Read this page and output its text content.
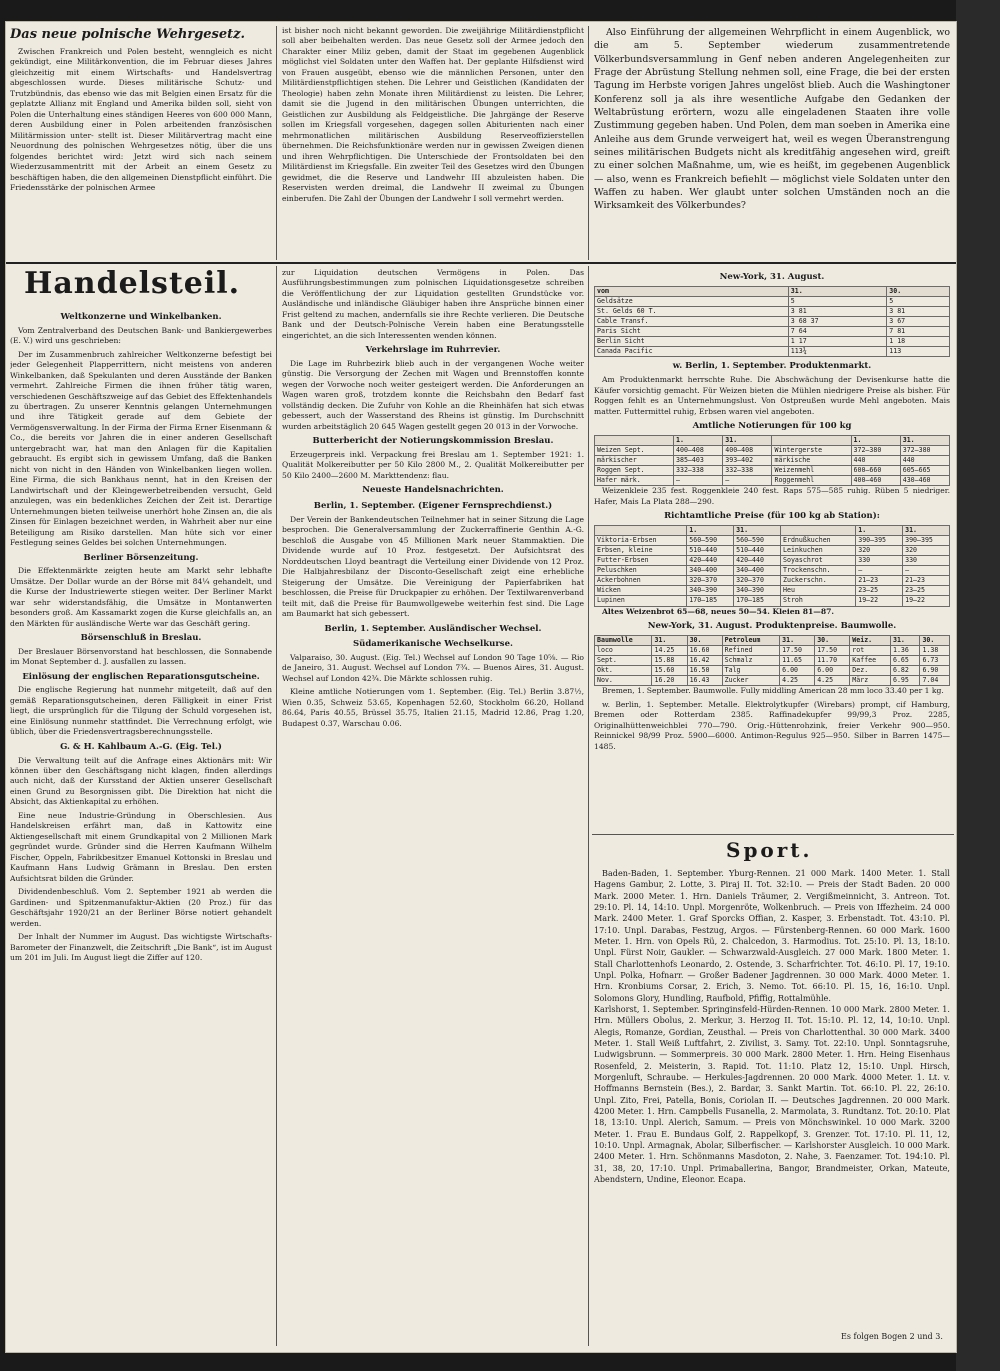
Das neue polnische Wehrgesetz.

Zwischen Frankreich und Polen besteht, wenngleich es nicht gekündigt, eine Militärkonvention, die im Februar dieses Jahres gleichzeitig mit einem Wirtschafts- und Handelsvertrag abgeschlossen wurde. Dieses militärische Schutz- und Trutzbündnis, das ebenso wie das mit Belgien einen Ersatz für die geplatzte Allianz mit England und Amerika bilden soll, sieht von Polen die Unterhaltung eines ständigen Heeres von 600 000 Mann, deren Ausbildung einer in Polen arbeitenden französischen Militärmission unter- stellt ist. Dieser Militärvertrag macht eine Neuordnung des polnischen Wehrgesetzes nötig, über die uns folgendes berichtet wird: Jetzt wird sich nach seinem Wiederzusammentritt mit der Arbeit an einem Gesetz zu beschäftigen haben, die den allgemeinen Dienstpflicht einführt. Die Friedensstärke der polnischen Armee

ist bisher noch nicht bekannt geworden. Die zweijährige Militärdienstpflicht soll aber beibehalten werden. Das neue Gesetz soll der Armee jedoch den Charakter einer Miliz geben, damit der Staat im gegebenen Augenblick möglichst viel Soldaten unter den Waffen hat. Der geplante Hilfsdienst wird von Frauen ausgeübt, ebenso wie die männlichen Personen, unter den Militärdienstpflichtigen stehen. Die Lehrer und Geistlichen (Kandidaten der Theologie) haben zehn Monate ihren Militärdienst zu leisten. Die Lehrer, damit sie die Jugend in den militärischen Übungen unterrichten, die Geistlichen zur Ausbildung als Feldgeistliche. Die Jahrgänge der Reserve sollen im Kriegsfall vorgesehen, dagegen sollen Abiturienten nach einer mehrmonatlichen militärischen Ausbildung Reserveoffizierstellen übernehmen. Die Reichsfunktionäre werden nur in gewissen Zweigen dienen und ihren Wehrpflichtigen. Die Unterschiede der Frontsoldaten bei den Militärdienst im Kriegsfalle. Ein zweiter Teil des Gesetzes wird den Übungen gewidmet, die die Reserve und Landwehr III abzuleisten haben. Die Reservisten werden dreimal, die Landwehr II zweimal zu Übungen einberufen. Die Zahl der Übungen der Landwehr I soll vermehrt werden.

Also Einführung der allgemeinen Wehrpflicht in einem Augenblick, wo die am 5. September wiederum zusammentretende Völkerbundsversammlung in Genf neben anderen Angelegenheiten zur Frage der Abrüstung Stellung nehmen soll, eine Frage, die bei der ersten Tagung im Herbste vorigen Jahres ungelöst blieb. Auch die Washingtoner Konferenz soll ja als ihre wesentliche Aufgabe den Gedanken der Weltabrüstung erörtern, wozu alle eingeladenen Staaten ihre volle Zustimmung gegeben haben. Und Polen, dem man soeben in Amerika eine Anleihe aus dem Grunde verweigert hat, weil es wegen Überanstrengung seines militärischen Budgets nicht als kreditfähig angesehen wird, greift zu einer solchen Maßnahme, um, wie es heißt, im gegebenen Augenblick — also, wenn es Frankreich befiehlt — möglichst viele Soldaten unter den Waffen zu haben. Wer glaubt unter solchen Umständen noch an die Wirksamkeit des Völkerbundes?

Handelsteil.
Weltkonzerne und Winkelbanken.

Vom Zentralverband des Deutschen Bank- und Bankiergewerbes (E. V.) wird uns geschrieben:

Der im Zusammenbruch zahlreicher Weltkonzerne befestigt bei jeder Gelegenheit Plapperrittern, nicht meistens von anderen Winkelbanken, daß Spekulanten und deren Ausstände der Banken vermehrt. Zahlreiche Firmen die ihnen früher tätig waren, verschiedenen Geschäftszweige auf das Gebiet des Effektenhandels zu übertragen. Zu unserer Kenntnis gelangen Unternehmungen und ihre Tätigkeit gerade auf dem Gebiete der Vermögensverwaltung. In der Firma der Firma Erner Eisenmann & Co., die bereits vor Jahren die in einer anderen Gesellschaft untergebracht war, hat man den Anlagen für die Kapitalien gebraucht. Es ergibt sich in gewissem Umfang, daß die Banken nicht von nicht in den Händen von Winkelbanken liegen wollen. Eine Firma, die sich Bankhaus nennt, hat in den Kreisen der Landwirtschaft und der Kleingewerbetreibenden versucht, Geld anzulegen, was ein bedenkliches Zeichen der Zeit ist. Derartige Unternehmungen bieten teilweise unerhört hohe Zinsen an, die als Zinsen für Einlagen bezeichnet werden, in Wahrheit aber nur eine Beteiligung am Risiko darstellen. Man hüte sich vor einer Festlegung seines Geldes bei solchen Unternehmungen.

Berliner Börsenzeitung.

Die Effektenmärkte zeigten heute am Markt sehr lebhafte Umsätze. Der Dollar wurde an der Börse mit 84¼ gehandelt, und die Kurse der Industriewerte stiegen weiter. Der Berliner Markt war sehr widerstandsfähig, die Umsätze in Montanwerten besonders groß. Am Kassamarkt zogen die Kurse gleichfalls an, an den Märkten für ausländische Werte war das Geschäft gering.

Börsenschluß in Breslau.

Der Breslauer Börsenvorstand hat beschlossen, die Sonnabende im Monat September d. J. ausfallen zu lassen.

Einlösung der englischen Reparationsgutscheine.

Die englische Regierung hat nunmehr mitgeteilt, daß auf den gemäß Reparationsgutscheinen, deren Fälligkeit in einer Frist liegt, die ursprünglich für die Tilgung der Schuld vorgesehen ist, eine Einlösung nunmehr stattfindet. Die Verrechnung erfolgt, wie üblich, über die Friedensvertragsberechnungsstelle.

G. & H. Kahlbaum A.-G. (Eig. Tel.)

Die Verwaltung teilt auf die Anfrage eines Aktionärs mit: Wir können über den Geschäftsgang nicht klagen, finden allerdings auch nicht, daß der Kursstand der Aktien unserer Gesellschaft einen Grund zu Besorgnissen gibt. Die Direktion hat nicht die Absicht, das Aktienkapital zu erhöhen.

Eine neue Industrie-Gründung in Oberschlesien. Aus Handelskreisen erfährt man, daß in Kattowitz eine Aktiengesellschaft mit einem Grundkapital von 2 Millionen Mark gegründet wurde. Gründer sind die Herren Kaufmann Wilhelm Fischer, Oppeln, Fabrikbesitzer Emanuel Kottonski in Breslau und Kaufmann Hans Ludwig Grämann in Breslau. Den ersten Aufsichtsrat bilden die Gründer.

Dividendenbeschluß. Vom 2. September 1921 ab werden die Gardinen- und Spitzenmanufaktur-Aktien (20 Proz.) für das Geschäftsjahr 1920/21 an der Berliner Börse notiert gehandelt werden.

Der Inhalt der Nummer im August. Das wichtigste Wirtschafts-Barometer der Finanzwelt, die Zeitschrift „Die Bank“, ist im August um 201 im Juli. Im August liegt die Ziffer auf 120.

zur Liquidation deutschen Vermögens in Polen. Das Ausführungsbestimmungen zum polnischen Liquidationsgesetze schreiben die Veröffentlichung der zur Liquidation gestellten Grundstücke vor. Ausländische und inländische Gläubiger haben ihre Ansprüche binnen einer Frist geltend zu machen, andernfalls sie ihre Rechte verlieren. Die Deutsche Bank und der Deutsch-Polnische Verein haben eine Beratungsstelle eingerichtet, an die sich Interessenten wenden können.

Verkehrslage im Ruhrrevier.

Die Lage im Ruhrbezirk blieb auch in der vergangenen Woche weiter günstig. Die Versorgung der Zechen mit Wagen und Brennstoffen konnte wegen der Vorwoche noch weiter gesteigert werden. Die Anforderungen an Wagen waren groß, trotzdem konnte die Reichsbahn den Bedarf fast vollständig decken. Die Zufuhr von Kohle an die Rheinhäfen hat sich etwas gebessert, auch der Wasserstand des Rheins ist günstig. Im Durchschnitt wurden arbeitstäglich 20 645 Wagen gestellt gegen 20 013 in der Vorwoche.

Butterbericht der Notierungskommission Breslau.

Erzeugerpreis inkl. Verpackung frei Breslau am 1. September 1921: 1. Qualität Molkereibutter per 50 Kilo 2800 M., 2. Qualität Molkereibutter per 50 Kilo 2400—2600 M. Markttendenz: flau.

Neueste Handelsnachrichten.
Berlin, 1. September. (Eigener Fernsprechdienst.)

Der Verein der Bankendeutschen Teilnehmer hat in seiner Sitzung die Lage besprochen. Die Generalversammlung der Zuckerraffinerie Genthin A.-G. beschloß die Ausgabe von 45 Millionen Mark neuer Stammaktien. Die Dividende wurde auf 10 Proz. festgesetzt. Der Aufsichtsrat des Norddeutschen Lloyd beantragt die Verteilung einer Dividende von 12 Proz. Die Halbjahresbilanz der Disconto-Gesellschaft zeigt eine erhebliche Steigerung der Umsätze. Die Vereinigung der Papierfabriken hat beschlossen, die Preise für Druckpapier zu erhöhen. Der Textilwarenverband teilt mit, daß die Preise für Baumwollgewebe weiterhin fest sind. Die Lage am Baumarkt hat sich gebessert.

Berlin, 1. September. Ausländischer Wechsel.
Südamerikanische Wechselkurse.

Valparaiso, 30. August. (Eig. Tel.) Wechsel auf London 90 Tage 10⅝. — Rio de Janeiro, 31. August. Wechsel auf London 7¾. — Buenos Aires, 31. August. Wechsel auf London 42¾. Die Märkte schlossen ruhig.

Kleine amtliche Notierungen vom 1. September. (Eig. Tel.) Berlin 3.87½, Wien 0.35, Schweiz 53.65, Kopenhagen 52.60, Stockholm 66.20, Holland 86.64, Paris 40.55, Brüssel 35.75, Italien 21.15, Madrid 12.86, Prag 1.20, Budapest 0.37, Warschau 0.06.

New-York, 31. August.
vom	31.	30.
Geldsätze	5	5
St. Gelds 60 T.	3 81	3 81
Cable Transf.	3 68 37	3 67
Paris Sicht	7 64	7 81
Berlin Sicht	1 17	1 18
Canada Pacific	113¾	113
w. Berlin, 1. September. Produktenmarkt.

Am Produktenmarkt herrschte Ruhe. Die Abschwächung der Devisenkurse hatte die Käufer vorsichtig gemacht. Für Weizen bieten die Mühlen niedrigere Preise als bisher. Für Roggen fehlt es an Unternehmungslust. Von Ostpreußen wurde Mehl angeboten. Mais matter. Futtermittel ruhig, Erbsen waren viel angeboten.

Amtliche Notierungen für 100 kg
	1.	31.		1.	31.
Weizen Sept.	400—408	400—408	Wintergerste	372—380	372—380
märkischer	385—403	393—402	märkische	440	440
Roggen Sept.	332—338	332—338	Weizenmehl	600—660	605—665
Hafer märk.	—	—	Roggenmehl	400—460	430—460

Weizenkleie 235 fest. Roggenkleie 240 fest. Raps 575—585 ruhig. Rüben 5 niedriger. Hafer, Mais La Plata 288—290.

Richtamtliche Preise (für 100 kg ab Station):
	1.	31.		1.	31.
Viktoria-Erbsen	560—590	560—590	Erdnußkuchen	390—395	390—395
Erbsen, kleine	510—440	510—440	Leinkuchen	320	320
Futter-Erbsen	420—440	420—440	Soyaschrot	330	330
Peluschken	340—400	340—400	Trockenschn.	—	—
Ackerbohnen	320—370	320—370	Zuckerschn.	21—23	21—23
Wicken	340—390	340—390	Heu	23—25	23—25
Lupinen	170—185	170—185	Stroh	19—22	19—22

Altes Weizenbrot 65—68, neues 50—54. Kleien 81—87.

New-York, 31. August. Produktenpreise. Baumwolle.
Baumwolle	31.	30.	Petroleum	31.	30.	Weiz.	31.	30.
loco	14.25	16.60	Refined	17.50	17.50	rot	1.36	1.38
Sept.	15.88	16.42	Schmalz	11.65	11.70	Kaffee	6.65	6.73
Okt.	15.60	16.50	Talg	6.00	6.00	Dez.	6.82	6.90
Nov.	16.20	16.43	Zucker	4.25	4.25	März	6.95	7.04

Bremen, 1. September. Baumwolle. Fully middling American 28 mm loco 33.40 per 1 kg.

w. Berlin, 1. September. Metalle. Elektrolytkupfer (Wirebars) prompt, cif Hamburg, Bremen oder Rotterdam 2385. Raffinadekupfer 99/99,3 Proz. 2285, Originalhüttenweichblei 770—790. Orig.-Hüttenrohzink, freier Verkehr 900—950. Reinnickel 98/99 Proz. 5900—6000. Antimon-Regulus 925—950. Silber in Barren 1475—1485.

Sport.

Baden-Baden, 1. September. Yburg-Rennen. 21 000 Mark. 1400 Meter. 1. Stall Hagens Gambur, 2. Lotte, 3. Piraj II. Tot. 32:10. — Preis der Stadt Baden. 20 000 Mark. 2000 Meter. 1. Hrn. Daniels Träumer, 2. Vergißmeinnicht, 3. Antreon. Tot. 29:10. Pl. 14, 14:10. Unpl. Morgenröte, Wolkenbruch. — Preis von Iffezheim. 24 000 Mark. 2400 Meter. 1. Graf Sporcks Offian, 2. Kasper, 3. Erbenstadt. Tot. 43:10. Pl. 17:10. Unpl. Darabas, Festzug, Argos. — Fürstenberg-Rennen. 60 000 Mark. 1600 Meter. 1. Hrn. von Opels Rü, 2. Chalcedon, 3. Harmodius. Tot. 25:10. Pl. 13, 18:10. Unpl. Fürst Noir, Gaukler. — Schwarzwald-Ausgleich. 27 000 Mark. 1800 Meter. 1. Stall Charlottenhofs Leonardo, 2. Ostende, 3. Scharfrichter. Tot. 46:10. Pl. 17, 19:10. Unpl. Polka, Hofnarr. — Großer Badener Jagdrennen. 30 000 Mark. 4000 Meter. 1. Hrn. Kronbiums Corsar, 2. Erich, 3. Nemo. Tot. 66:10. Pl. 15, 16, 16:10. Unpl. Solomons Glory, Hundling, Raufbold, Pfiffig, Rottalmühle.
Karlshorst, 1. September. Springinsfeld-Hürden-Rennen. 10 000 Mark. 2800 Meter. 1. Hrn. Müllers Obolus, 2. Merkur, 3. Herzog II. Tot. 15:10. Pl. 12, 14, 10:10. Unpl. Alegis, Romanze, Gordian, Zeusthal. — Preis von Charlottenthal. 30 000 Mark. 3400 Meter. 1. Stall Weiß Luftfahrt, 2. Zivilist, 3. Samy. Tot. 22:10. Unpl. Sonntagsruhe, Ludwigsbrunn. — Sommerpreis. 30 000 Mark. 2800 Meter. 1. Hrn. Heing Eisenhaus Rosenfeld, 2. Meisterin, 3. Rapid. Tot. 11:10. Platz 12, 15:10. Unpl. Hirsch, Morgenluft, Schraube. — Herkules-Jagdrennen. 20 000 Mark. 4000 Meter. 1. Lt. v. Hoffmanns Bernstein (Bes.), 2. Bardar, 3. Sankt Martin. Tot. 66:10. Pl. 22, 26:10. Unpl. Zito, Frei, Patella, Bonis, Coriolan II. — Deutsches Jagdrennen. 20 000 Mark. 4200 Meter. 1. Hrn. Campbells Fusanella, 2. Marmolata, 3. Rundtanz. Tot. 20:10. Plat 18, 13:10. Unpl. Alerich, Samum. — Preis von Mönchswinkel. 10 000 Mark. 3200 Meter. 1. Frau E. Bundaus Golf, 2. Rappelkopf, 3. Grenzer. Tot. 17:10. Pl. 11, 12, 10:10. Unpl. Armagnak, Abolar, Silberfischer. — Karlshorster Ausgleich. 10 000 Mark. 2400 Meter. 1. Hrn. Schönmanns Masdoton, 2. Nahe, 3. Faenzamer. Tot. 194:10. Pl. 31, 38, 20, 17:10. Unpl. Primaballerina, Bangor, Brandmeister, Orkan, Mateute, Abendstern, Undine, Eleonor. Ecapa.

Es folgen Bogen 2 und 3.
